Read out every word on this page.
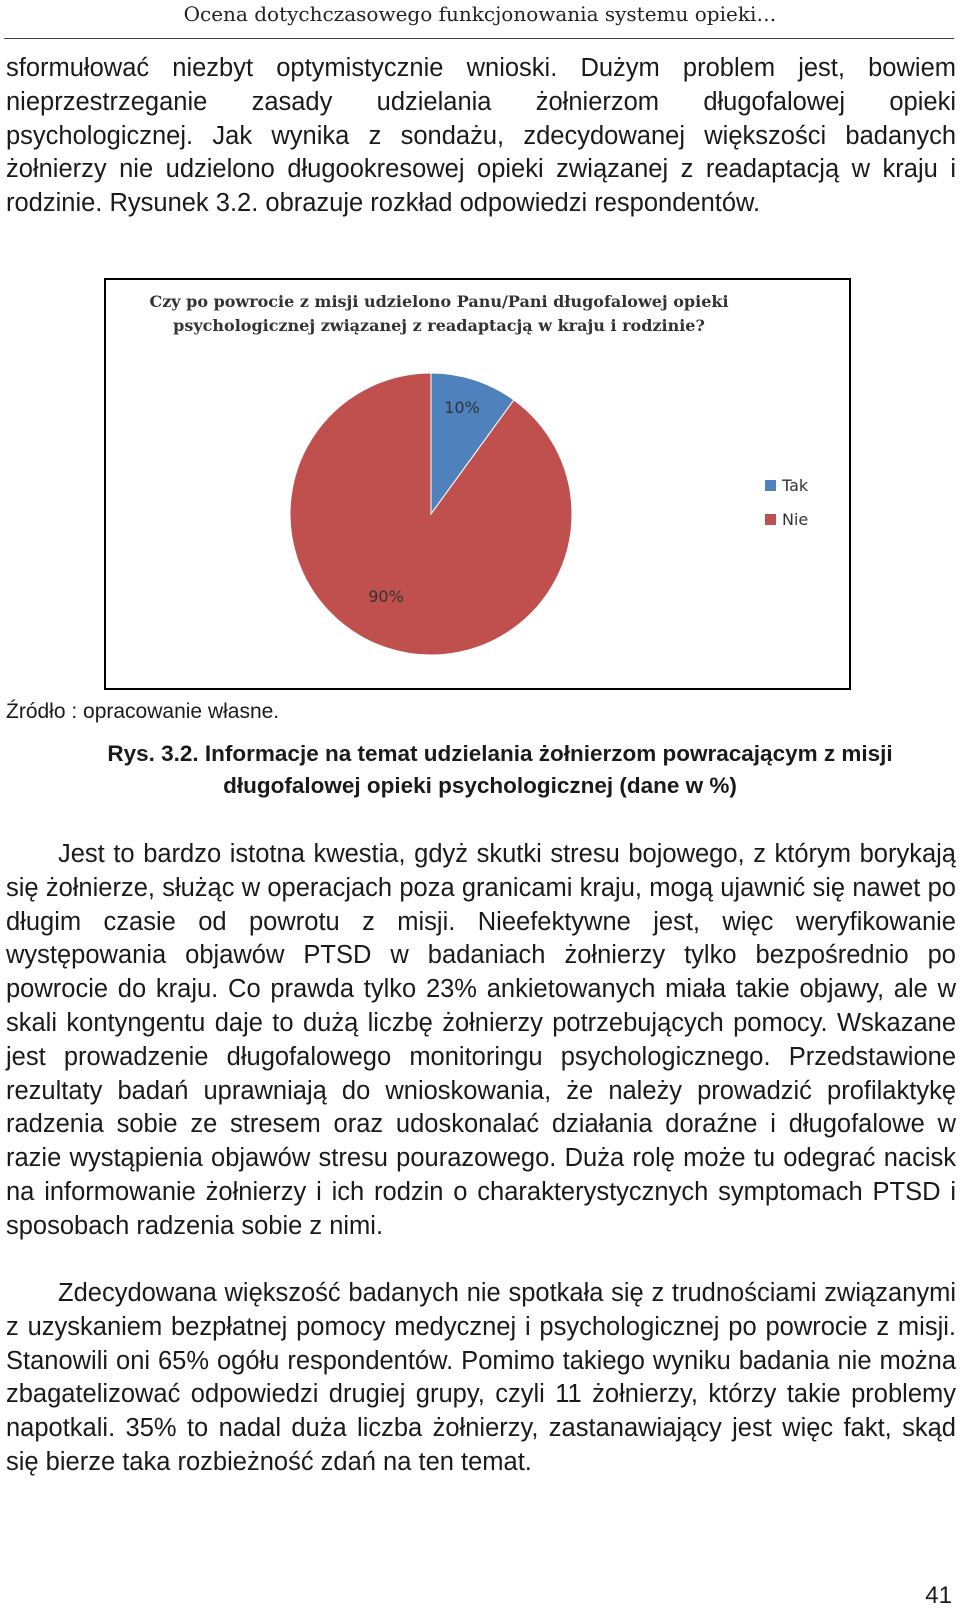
Ocena dotychczasowego funkcjonowania systemu opieki…

sformułować niezbyt optymistycznie wnioski. Dużym problem jest, bowiem nieprzestrzeganie zasady udzielania żołnierzom długofalowej opieki psychologicznej. Jak wynika z sondażu, zdecydowanej większości badanych żołnierzy nie udzielono długookresowej opieki związanej z readaptacją w kraju i rodzinie. Rysunek 3.2. obrazuje rozkład odpowiedzi respondentów.

Czy po powrocie z misji udzielono Panu/Pani długofalowej opieki
psychologicznej związanej z readaptacją w kraju i rodzinie?
10%
90%
Tak
Nie
Źródło : opracowanie własne.
Rys. 3.2. Informacje na temat udzielania żołnierzom powracającym z misji
długofalowej opieki psychologicznej (dane w %)

Jest to bardzo istotna kwestia, gdyż skutki stresu bojowego, z którym borykają się żołnierze, służąc w operacjach poza granicami kraju, mogą ujawnić się nawet po długim czasie od powrotu z misji. Nieefektywne jest, więc weryfikowanie występowania objawów PTSD w badaniach żołnierzy tylko bezpośrednio po powrocie do kraju. Co prawda tylko 23% ankietowanych miała takie objawy, ale w skali kontyngentu daje to dużą liczbę żołnierzy potrzebujących pomocy. Wskazane jest prowadzenie długofalowego monitoringu psychologicznego. Przedstawione rezultaty badań uprawniają do wnioskowania, że należy prowadzić profilaktykę radzenia sobie ze stresem oraz udoskonalać działania doraźne i długofalowe w razie wystąpienia objawów stresu pourazowego. Duża rolę może tu odegrać nacisk na informowanie żołnierzy i ich rodzin o charakterystycznych symptomach PTSD i sposobach radzenia sobie z nimi.

Zdecydowana większość badanych nie spotkała się z trudnościami związanymi z uzyskaniem bezpłatnej pomocy medycznej i psychologicznej po powrocie z misji. Stanowili oni 65% ogółu respondentów. Pomimo takiego wyniku badania nie można zbagatelizować odpowiedzi drugiej grupy, czyli 11 żołnierzy, którzy takie problemy napotkali. 35% to nadal duża liczba żołnierzy, zastanawiający jest więc fakt, skąd się bierze taka rozbieżność zdań na ten temat.

41
